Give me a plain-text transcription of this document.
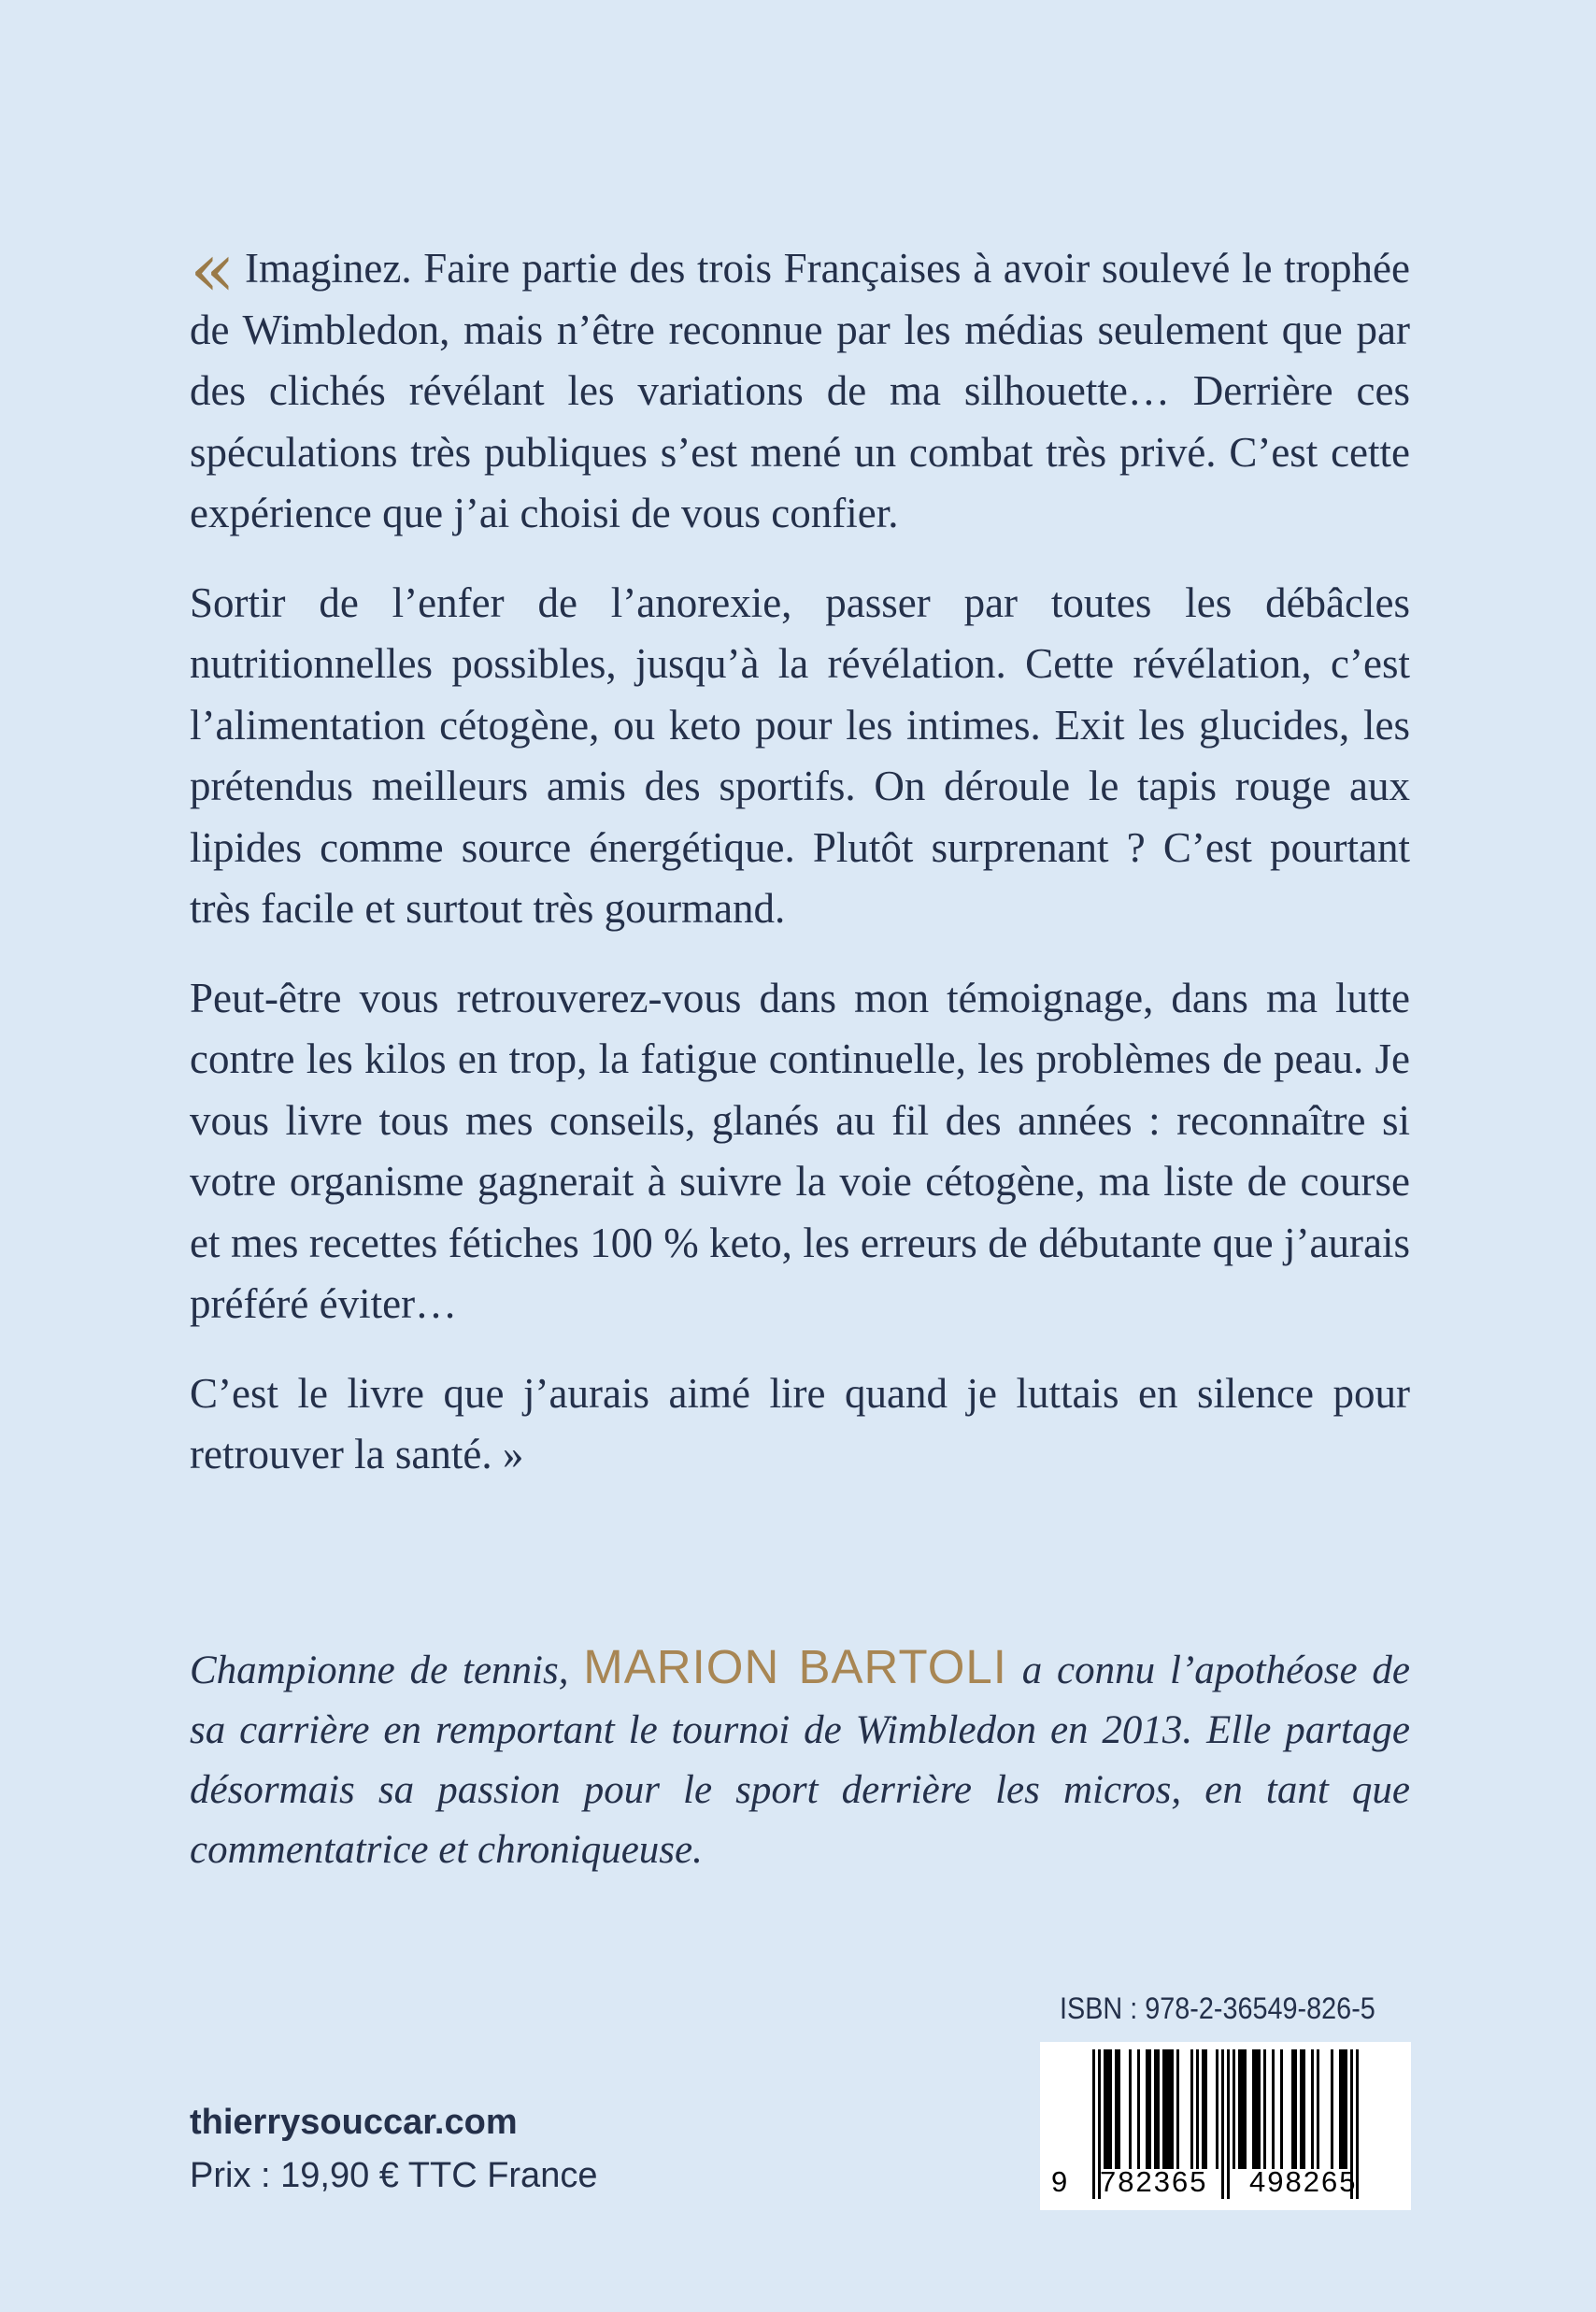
« Imaginez. Faire partie des trois Françaises à avoir soulevé le trophée de Wimbledon, mais n’être reconnue par les médias seulement que par des clichés révélant les variations de ma silhouette… Derrière ces spéculations très publiques s’est mené un combat très privé. C’est cette expérience que j’ai choisi de vous confier.

Sortir de l’enfer de l’anorexie, passer par toutes les débâcles nutritionnelles possibles, jusqu’à la révélation. Cette révélation, c’est l’alimentation cétogène, ou keto pour les intimes. Exit les glucides, les prétendus meilleurs amis des sportifs. On déroule le tapis rouge aux lipides comme source énergétique. Plutôt surprenant ? C’est pourtant très facile et surtout très gourmand.

Peut-être vous retrouverez-vous dans mon témoignage, dans ma lutte contre les kilos en trop, la fatigue continuelle, les problèmes de peau. Je vous livre tous mes conseils, glanés au fil des années : reconnaître si votre organisme gagnerait à suivre la voie cétogène, ma liste de course et mes recettes fétiches 100 % keto, les erreurs de débutante que j’aurais préféré éviter…

C’est le livre que j’aurais aimé lire quand je luttais en silence pour retrouver la santé. »

Championne de tennis, MARION BARTOLI a connu l’apothéose de sa carrière en remportant le tournoi de Wimbledon en 2013. Elle partage désormais sa passion pour le sport derrière les micros, en tant que commentatrice et chroniqueuse.
ISBN : 978-2-36549-826-5
9 782365 498265
thierrysouccar.com
Prix : 19,90 € TTC France
